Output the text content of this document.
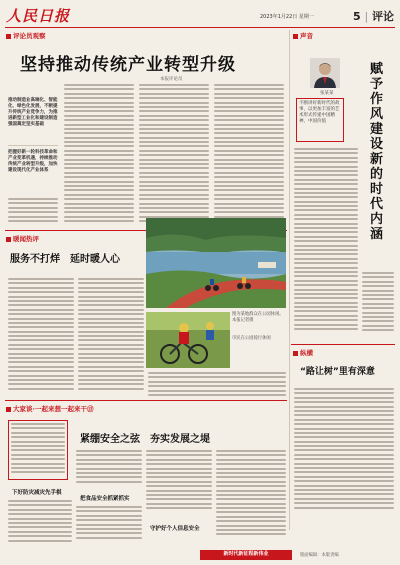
人民日报	2023年1月22日 星期一	5 | 评论
评论员观察
坚持推动传统产业转型升级
本报评论员
推动制造业高端化、智能化、绿色化发展，不断提升传统产业竞争力，为推进新型工业化和建设制造强国奠定坚实基础
把握好新一轮科技革命和产业变革机遇，持续推动传统产业转型升级，加快建设现代化产业体系
声音
张某某
不断讲好新时代的故事，以更加丰富的艺术形式传递中国精神、中国价值
赋予作风建设新的时代内涵
纵横
“路让树”里有深意
暖闻热评
服务不打烊　延时暖人心
图为某地群众在公园休闲。本报记者摄
市民在公园骑行休闲
大家谈·一起来想一起来干⑬
紧绷安全之弦　夯实发展之堤
下好防灾减灾先手棋
把食品安全抓紧抓实
守护好个人信息安全
新时代新征程新伟业	版面编辑：本版责编
